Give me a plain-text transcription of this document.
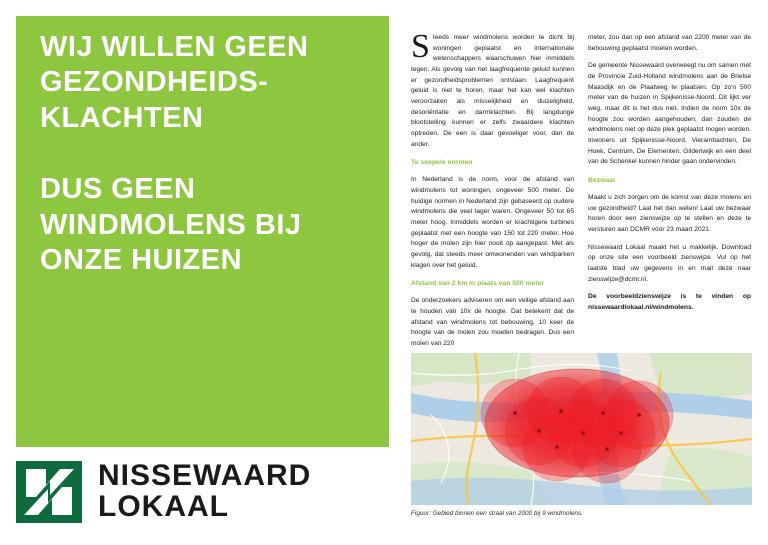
WIJ WILLEN GEEN GEZONDHEIDS-KLACHTEN
DUS GEEN WINDMOLENS BIJ ONZE HUIZEN
NISSEWAARD
LOKAAL

S teeds meer windmolens worden te dicht bij woningen geplaatst en internationale wetenschappers waarschuwen hier inmiddels tegen. Als gevolg van het laagfrequente geluid kunnen er gezondheidsproblemen ontstaan. Laagfrequent geluid is niet te horen, maar het kan wel klachten veroorzaken als misselijkheid en duizeligheid, desoriëntatie en darmklachten. Bij langdurige blootstelling kunnen er zelfs zwaardere klachten optreden. De een is daar gevoeliger voor, dan de ander.

Te soepele normen

In Nederland is de norm, voor de afstand van windmolens tot woningen, ongeveer 500 meter. De huidige normen in Nederland zijn gebaseerd op oudere windmolens die veel lager waren. Ongeveer 50 tot 65 meter hoog. Inmiddels worden er krachtigere turbines geplaatst met een hoogte van 150 tot 220 meter. Hoe hoger de molen zijn hier nooit op aangepast. Met als gevolg, dat steeds meer omwonenden van windparken klagen over het geluid.

Afstand van 2 km in plaats van 500 meter

De onderzoekers adviseren om een veilige afstand aan te houden van 10x de hoogte. Dat betekent dat de afstand van windmolens tot bebouwing, 10 keer de hoogte van de molen zou moeten bedragen. Dus een molen van 220

meter, zou dan op een afstand van 2200 meter van de bebouwing geplaatst moeten worden.

De gemeente Nissewaard overweegt nu om samen met de Provincie Zuid-Holland windmolens aan de Brielse Maasdijk en de Plaatweg te plaatsen. Op zo'n 500 meter van de huizen in Spijkenisse-Noord. Dit lijkt ver weg, maar dit is het dus niet. Indien de norm 10x de hoogte zou worden aangehouden, dan zouden de windmolens niet op deze plek geplaatst mogen worden. Inwoners uit Spijkenisse-Noord, Vierambachten, De Hoek, Centrum, De Elementen, Gildenwijk en een deel van de Schenkel kunnen hinder gaan ondervinden.

Bezwaar

Maakt u zich zorgen om de komst van deze molens en uw gezondheid? Laat het dan weten! Laat uw bezwaar horen door een zienswijze op te stellen en deze te versturen aan DCMR vóór 23 maart 2021.

Nissewaard Lokaal maakt het u makkelijk. Download op onze site een voorbeeld zienswijze. Vul op het laatste blad uw gegevens in en mail deze naar zienswijze@dcmr.nl.

De voorbeeldzienswijze is te vinden op nissewaardlokaal.nl/windmolens.

Figuur: Gebied binnen een straal van 2000 bij 9 windmolens.
